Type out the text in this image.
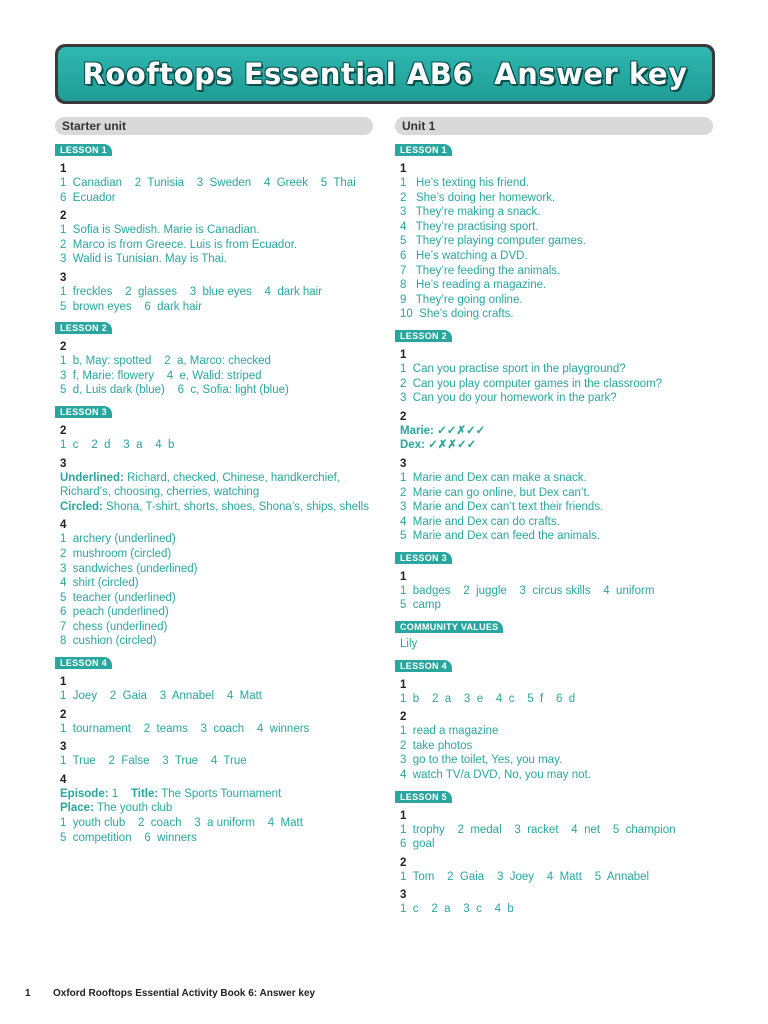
Rooftops Essential AB6  Answer key
Starter unit
LESSON 1
1
1  Canadian    2  Tunisia    3  Sweden    4  Greek    5  Thai
6  Ecuador
2
1  Sofia is Swedish. Marie is Canadian.
2  Marco is from Greece. Luis is from Ecuador.
3  Walid is Tunisian. May is Thai.
3
1  freckles    2  glasses    3  blue eyes    4  dark hair
5  brown eyes    6  dark hair
LESSON 2
2
1  b, May: spotted    2  a, Marco: checked
3  f, Marie: flowery    4  e, Walid: striped
5  d, Luis dark (blue)    6  c, Sofia: light (blue)
LESSON 3
2
1  c    2  d    3  a    4  b
3
Underlined: Richard, checked, Chinese, handkerchief,
Richard’s, choosing, cherries, watching
Circled: Shona, T-shirt, shorts, shoes, Shona’s, ships, shells
4
1  archery (underlined)
2  mushroom (circled)
3  sandwiches (underlined)
4  shirt (circled)
5  teacher (underlined)
6  peach (underlined)
7  chess (underlined)
8  cushion (circled)
LESSON 4
1
1  Joey    2  Gaia    3  Annabel    4  Matt
2
1  tournament    2  teams    3  coach    4  winners
3
1  True    2  False    3  True    4  True
4
Episode: 1 Title: The Sports Tournament
Place: The youth club
1  youth club    2  coach    3  a uniform    4  Matt
5  competition    6  winners
Unit 1
LESSON 1
1
1   He’s texting his friend.
2   She’s doing her homework.
3   They’re making a snack.
4   They’re practising sport.
5   They’re playing computer games.
6   He’s watching a DVD.
7   They’re feeding the animals.
8   He’s reading a magazine.
9   They’re going online.
10  She’s doing crafts.
LESSON 2
1
1  Can you practise sport in the playground?
2  Can you play computer games in the classroom?
3  Can you do your homework in the park?
2
Marie: ✓✓✗✓✓
Dex: ✓✗✗✓✓
3
1  Marie and Dex can make a snack.
2  Marie can go online, but Dex can’t.
3  Marie and Dex can’t text their friends.
4  Marie and Dex can do crafts.
5  Marie and Dex can feed the animals.
LESSON 3
1
1  badges    2  juggle    3  circus skills    4  uniform
5  camp
COMMUNITY VALUES
Lily
LESSON 4
1
1  b    2  a    3  e    4  c    5  f    6  d
2
1  read a magazine
2  take photos
3  go to the toilet, Yes, you may.
4  watch TV/a DVD, No, you may not.
LESSON 5
1
1  trophy    2  medal    3  racket    4  net    5  champion
6  goal
2
1  Tom    2  Gaia    3  Joey    4  Matt    5  Annabel
3
1  c    2  a    3  c    4  b
1 Oxford Rooftops Essential Activity Book 6: Answer key
